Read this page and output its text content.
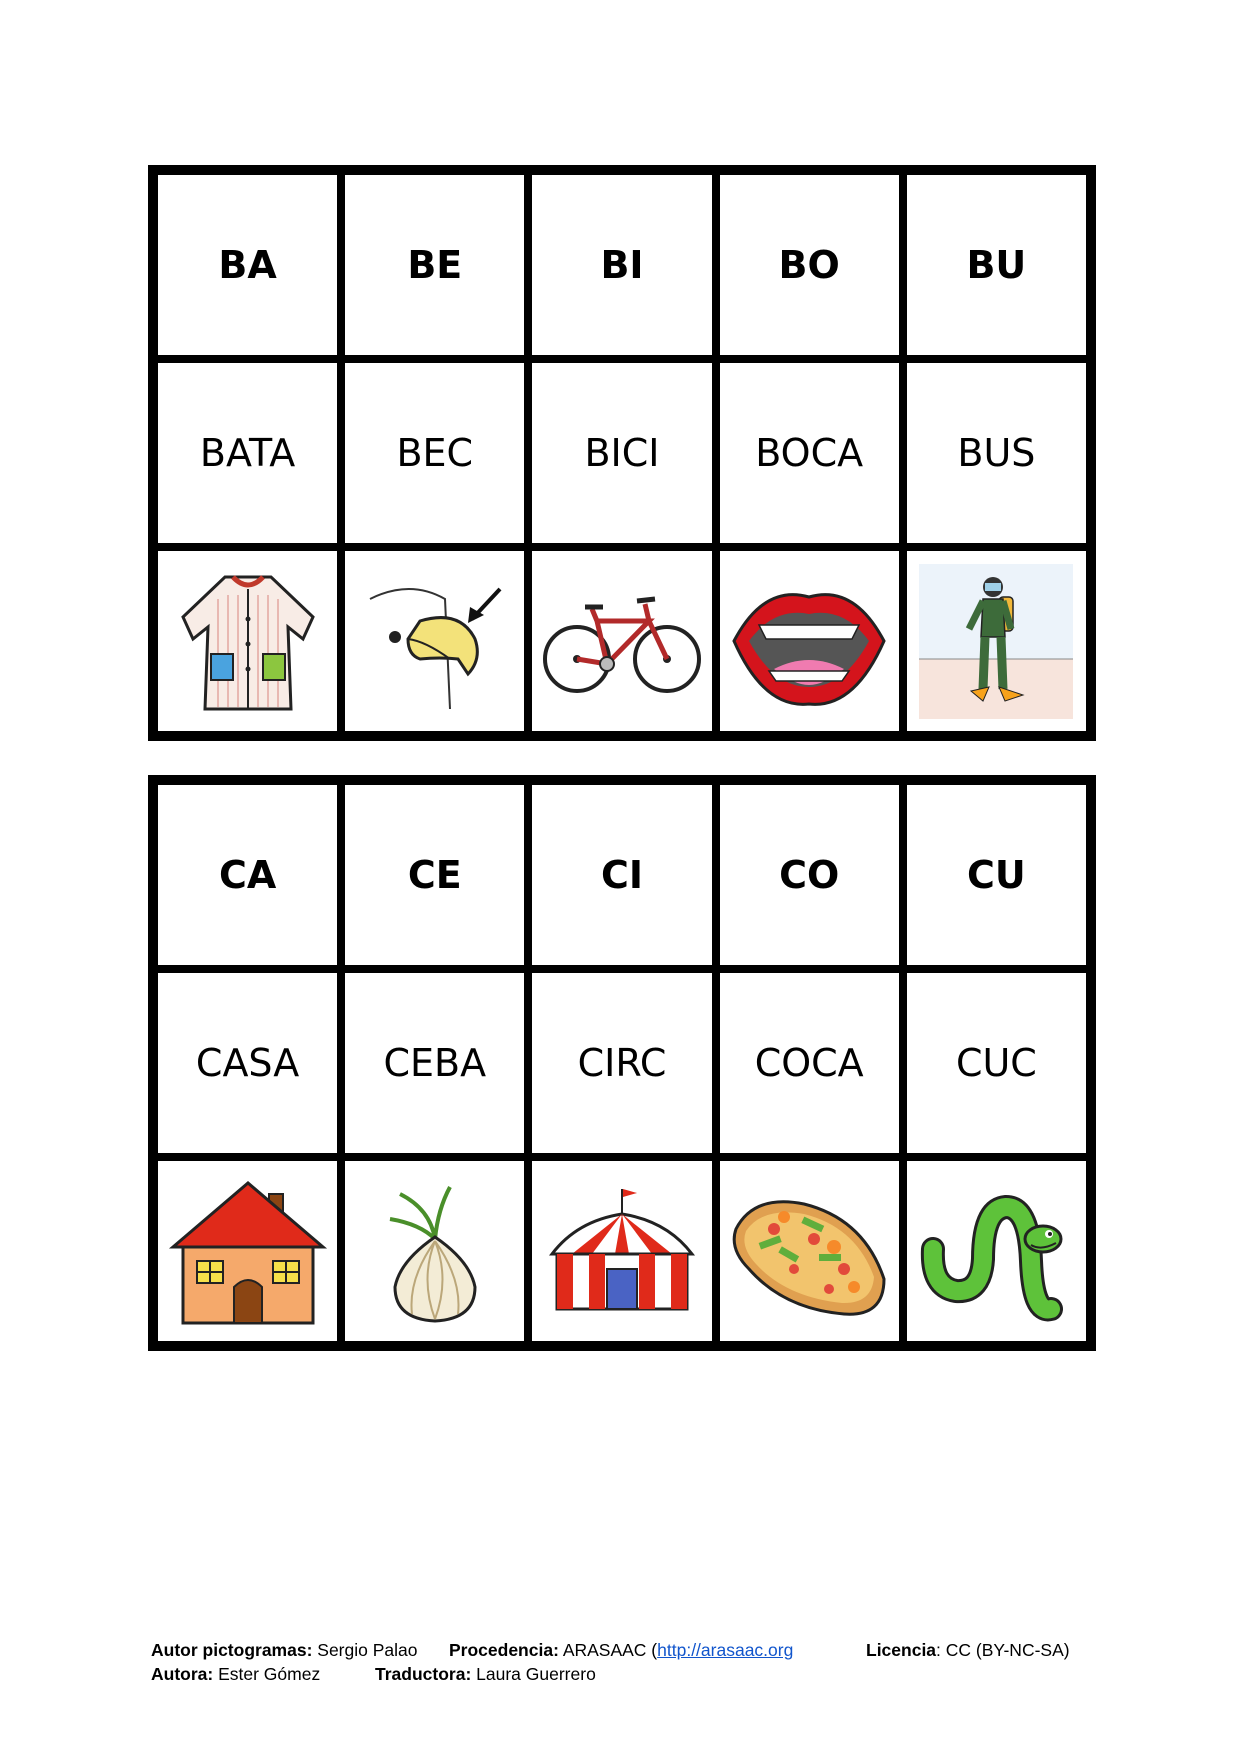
BA	BE	BI	BO	BU
BATA	BEC	BICI	BOCA BUS
CA	CE	CI	CO	CU
CASA CEBA CIRC COCA CUC
Autor pictogramas: Sergio Palao Procedencia: ARASAAC (http://arasaac.org	Licencia: CC (BY-NC-SA)
Autora: Ester Gómez	Traductora: Laura Guerrero
